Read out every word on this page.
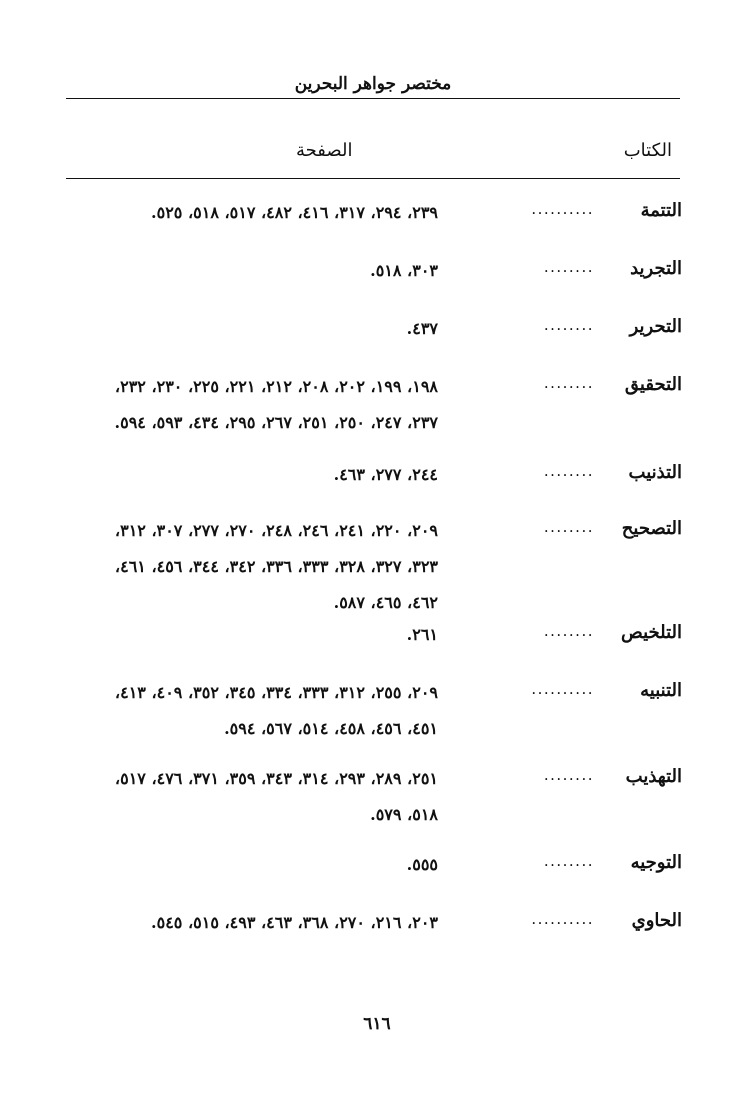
مختصر جواهر البحرين
الكتاب
الصفحة
التتمة
..........
٢٣٩، ٢٩٤، ٣١٧، ٤١٦، ٤٨٢، ٥١٧، ٥١٨، ٥٢٥.
التجريد
........
٣٠٣، ٥١٨.
التحرير
........
٤٣٧.
التحقيق
........
١٩٨، ١٩٩، ٢٠٢، ٢٠٨، ٢١٢، ٢٢١، ٢٢٥، ٢٣٠، ٢٣٢،
٢٣٧، ٢٤٧، ٢٥٠، ٢٥١، ٢٦٧، ٢٩٥، ٤٣٤، ٥٩٣، ٥٩٤.
التذنيب
........
٢٤٤، ٢٧٧، ٤٦٣.
التصحيح
........
٢٠٩، ٢٢٠، ٢٤١، ٢٤٦، ٢٤٨، ٢٧٠، ٢٧٧، ٣٠٧، ٣١٢،
٣٢٣، ٣٢٧، ٣٢٨، ٣٣٣، ٣٣٦، ٣٤٢، ٣٤٤، ٤٥٦، ٤٦١،
٤٦٢، ٤٦٥، ٥٨٧.
التلخيص
........
٢٦١.
التنبيه
..........
٢٠٩، ٢٥٥، ٣١٢، ٣٣٣، ٣٣٤، ٣٤٥، ٣٥٢، ٤٠٩، ٤١٣،
٤٥١، ٤٥٦، ٤٥٨، ٥١٤، ٥٦٧، ٥٩٤.
التهذيب
........
٢٥١، ٢٨٩، ٢٩٣، ٣١٤، ٣٤٣، ٣٥٩، ٣٧١، ٤٧٦، ٥١٧،
٥١٨، ٥٧٩.
التوجيه
........
٥٥٥.
الحاوي
..........
٢٠٣، ٢١٦، ٢٧٠، ٣٦٨، ٤٦٣، ٤٩٣، ٥١٥، ٥٤٥.
٦١٦
